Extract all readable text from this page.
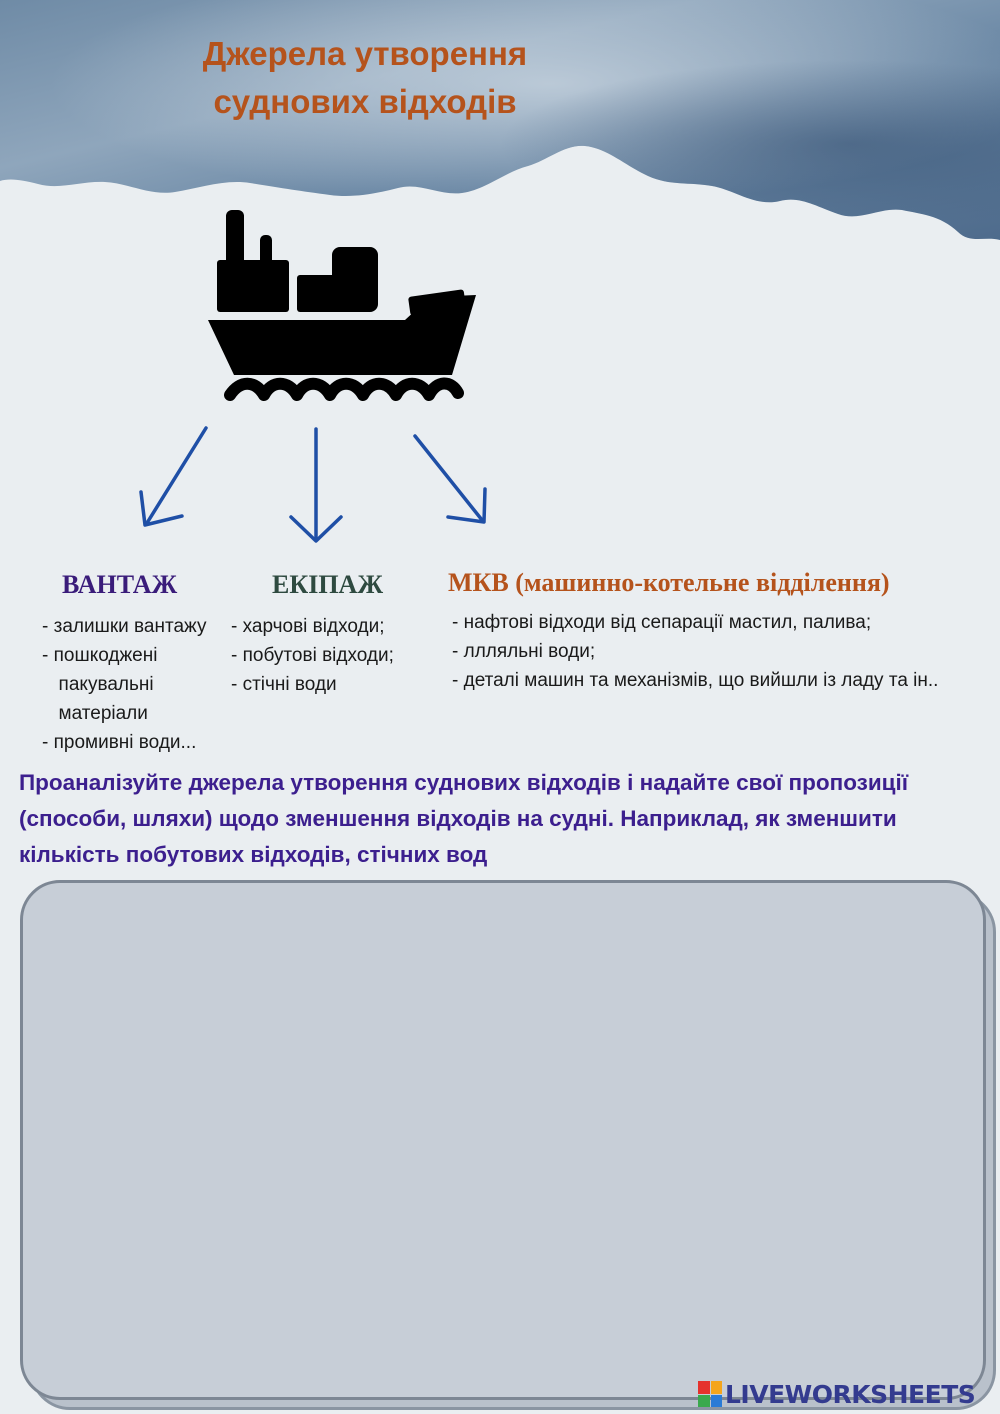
Джерела утворення
суднових відходів
ВАНТАЖ	ЕКІПАЖ МКВ (машинно-котельне відділення)
- залишки вантажу
- пошкоджені
пакувальні
матеріали
- промивні води...
- харчові відходи;
- побутові відходи;
- стічні води
- нафтові відходи від сепарації мастил, палива;
- ллляльні води;
- деталі машин та механізмів, що вийшли із ладу та ін..
Проаналізуйте джерела утворення суднових відходів і надайте свої пропозиції (способи, шляхи) щодо зменшення відходів на судні. Наприклад, як зменшити кількість побутових відходів, стічних вод
LIVEWORKSHEETS
